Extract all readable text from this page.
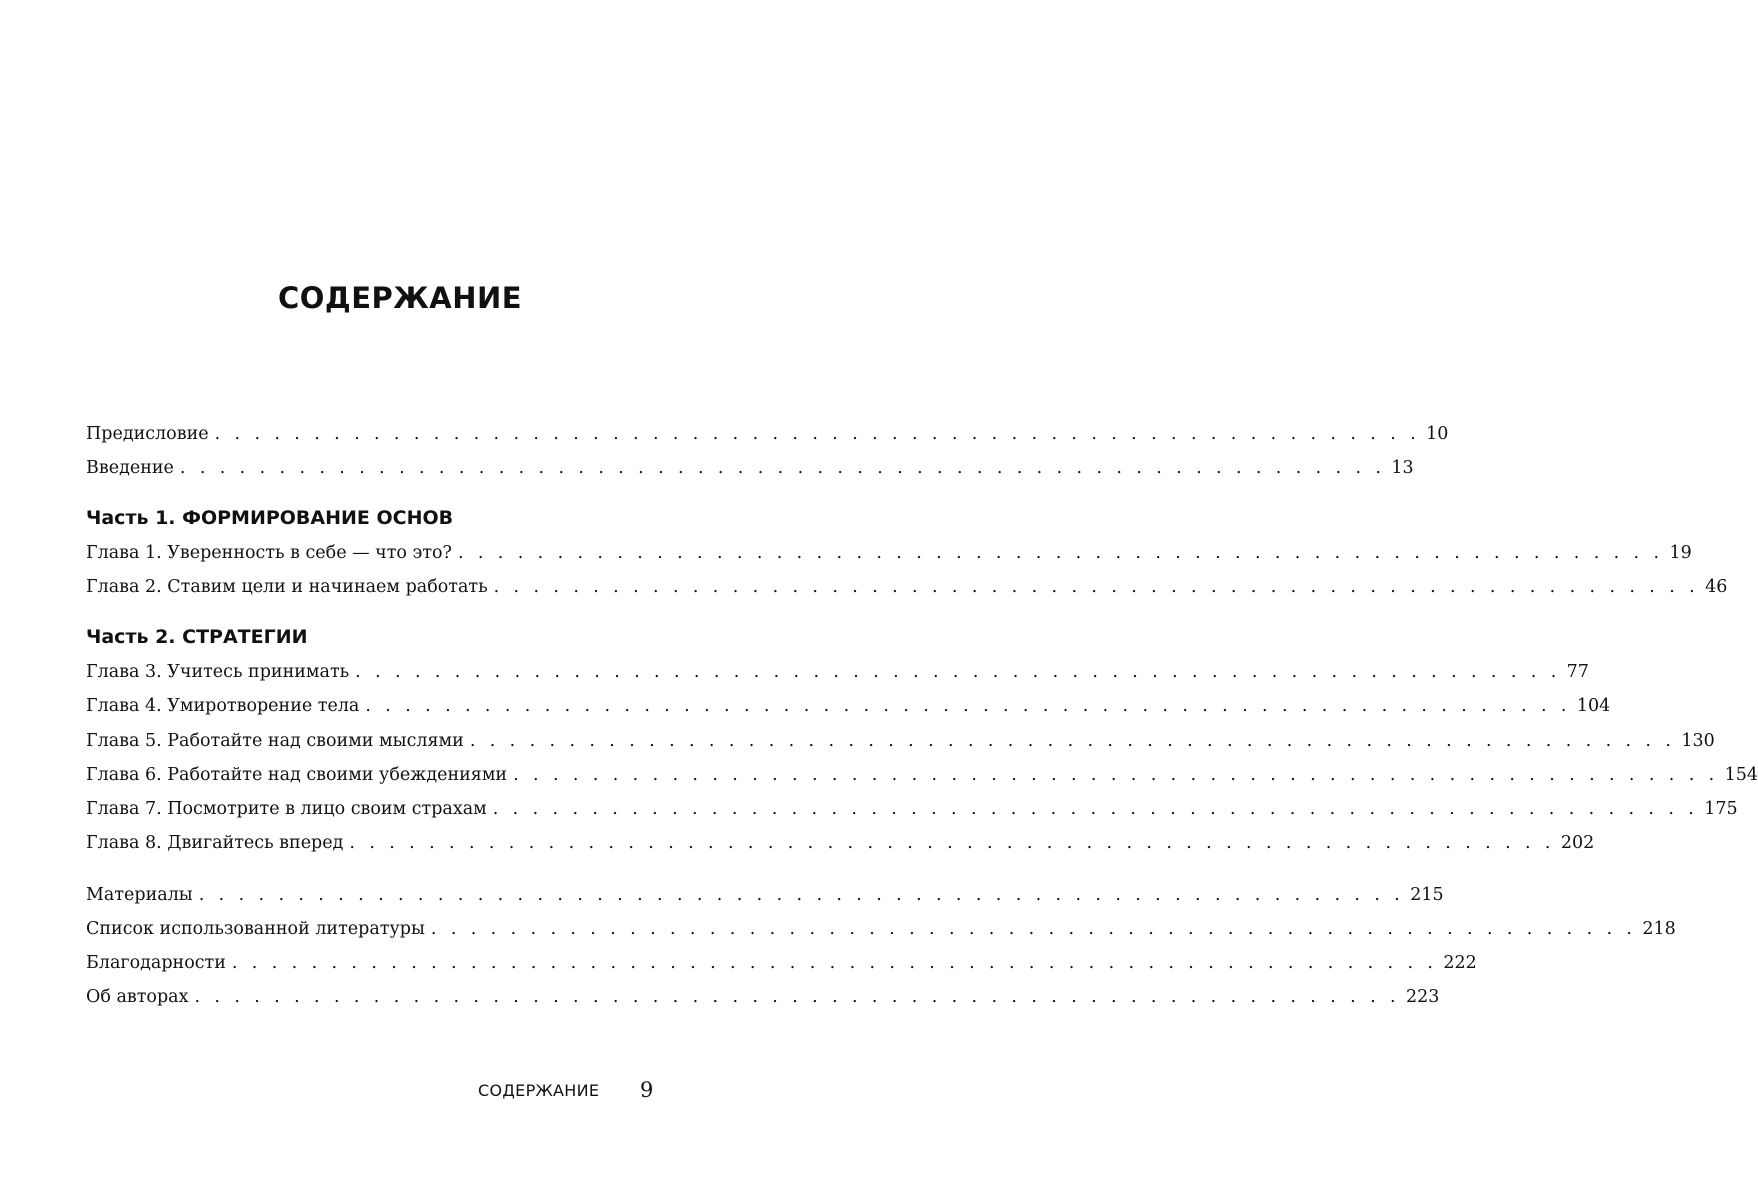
СОДЕРЖАНИЕ
Предисловие . . . . . . . . . . . . . . . . . . . . . . . . . . . . . . . . . . . . . . . . . . . . . . . . . . . . . . . . . . . . . 10
Введение . . . . . . . . . . . . . . . . . . . . . . . . . . . . . . . . . . . . . . . . . . . . . . . . . . . . . . . . . . . . . 13
Часть 1. ФОРМИРОВАНИЕ ОСНОВ
Глава 1. Уверенность в себе — что это? . . . . . . . . . . . . . . . . . . . . . . . . . . . . . . . . . . . . . . . . . . . . . . . . . . . . . . . . . . . . . 19
Глава 2. Ставим цели и начинаем работать . . . . . . . . . . . . . . . . . . . . . . . . . . . . . . . . . . . . . . . . . . . . . . . . . . . . . . . . . . . . . 46
Часть 2. СТРАТЕГИИ
Глава 3. Учитесь принимать . . . . . . . . . . . . . . . . . . . . . . . . . . . . . . . . . . . . . . . . . . . . . . . . . . . . . . . . . . . . . 77
Глава 4. Умиротворение тела . . . . . . . . . . . . . . . . . . . . . . . . . . . . . . . . . . . . . . . . . . . . . . . . . . . . . . . . . . . . . 104
Глава 5. Работайте над своими мыслями . . . . . . . . . . . . . . . . . . . . . . . . . . . . . . . . . . . . . . . . . . . . . . . . . . . . . . . . . . . . . 130
Глава 6. Работайте над своими убеждениями . . . . . . . . . . . . . . . . . . . . . . . . . . . . . . . . . . . . . . . . . . . . . . . . . . . . . . . . . . . . . 154
Глава 7. Посмотрите в лицо своим страхам . . . . . . . . . . . . . . . . . . . . . . . . . . . . . . . . . . . . . . . . . . . . . . . . . . . . . . . . . . . . . 175
Глава 8. Двигайтесь вперед . . . . . . . . . . . . . . . . . . . . . . . . . . . . . . . . . . . . . . . . . . . . . . . . . . . . . . . . . . . . . 202
Материалы . . . . . . . . . . . . . . . . . . . . . . . . . . . . . . . . . . . . . . . . . . . . . . . . . . . . . . . . . . . . . 215
Список использованной литературы . . . . . . . . . . . . . . . . . . . . . . . . . . . . . . . . . . . . . . . . . . . . . . . . . . . . . . . . . . . . . 218
Благодарности . . . . . . . . . . . . . . . . . . . . . . . . . . . . . . . . . . . . . . . . . . . . . . . . . . . . . . . . . . . . . 222
Об авторах . . . . . . . . . . . . . . . . . . . . . . . . . . . . . . . . . . . . . . . . . . . . . . . . . . . . . . . . . . . . . 223
СОДЕРЖАНИЕ 9
